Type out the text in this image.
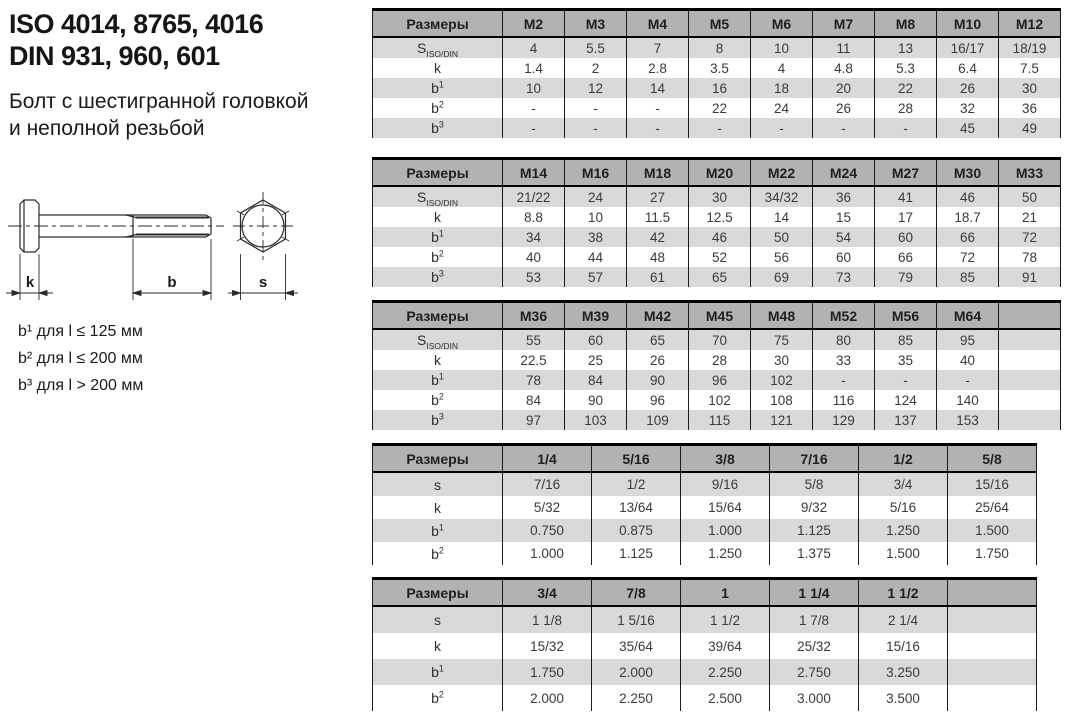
ISO 4014, 8765, 4016
DIN 931, 960, 601
Болт с шестигранной головкой
и неполной резьбой
k	b	s
b¹ для l ≤ 125 мм
b² для l ≤ 200 мм
b³ для l > 200 мм
Размеры	M2	M3	M4	M5	M6	M7	M8	M10	M12
$S_{ISO/DIN}$	4	5.5	7	8	10	11	13	16/17	18/19
k	1.4	2	2.8	3.5	4	4.8	5.3	6.4	7.5
$b^1$	10	12	14	16	18	20	22	26	30
$b^2$	-	-	-	22	24	26	28	32	36
$b^3$	-	-	-	-	-	-	-	45	49
Размеры	M14	M16	M18	M20	M22	M24	M27	M30	M33
$S_{ISO/DIN}$	21/22	24	27	30	34/32	36	41	46	50
k	8.8	10	11.5	12.5	14	15	17	18.7	21
$b^1$	34	38	42	46	50	54	60	66	72
$b^2$	40	44	48	52	56	60	66	72	78
$b^3$	53	57	61	65	69	73	79	85	91
Размеры	M36	M39	M42	M45	M48	M52	M56	M64	
$S_{ISO/DIN}$	55	60	65	70	75	80	85	95	
k	22.5	25	26	28	30	33	35	40	
$b^1$	78	84	90	96	102	-	-	-	
$b^2$	84	90	96	102	108	116	124	140	
$b^3$	97	103	109	115	121	129	137	153	
Размеры	1/4	5/16	3/8	7/16	1/2	5/8
s	7/16	1/2	9/16	5/8	3/4	15/16
k	5/32	13/64	15/64	9/32	5/16	25/64
$b^1$	0.750	0.875	1.000	1.125	1.250	1.500
$b^2$	1.000	1.125	1.250	1.375	1.500	1.750
Размеры	3/4	7/8	1	1 1/4	1 1/2	
s	1 1/8	1 5/16	1 1/2	1 7/8	2 1/4	
k	15/32	35/64	39/64	25/32	15/16	
$b^1$	1.750	2.000	2.250	2.750	3.250	
$b^2$	2.000	2.250	2.500	3.000	3.500	
